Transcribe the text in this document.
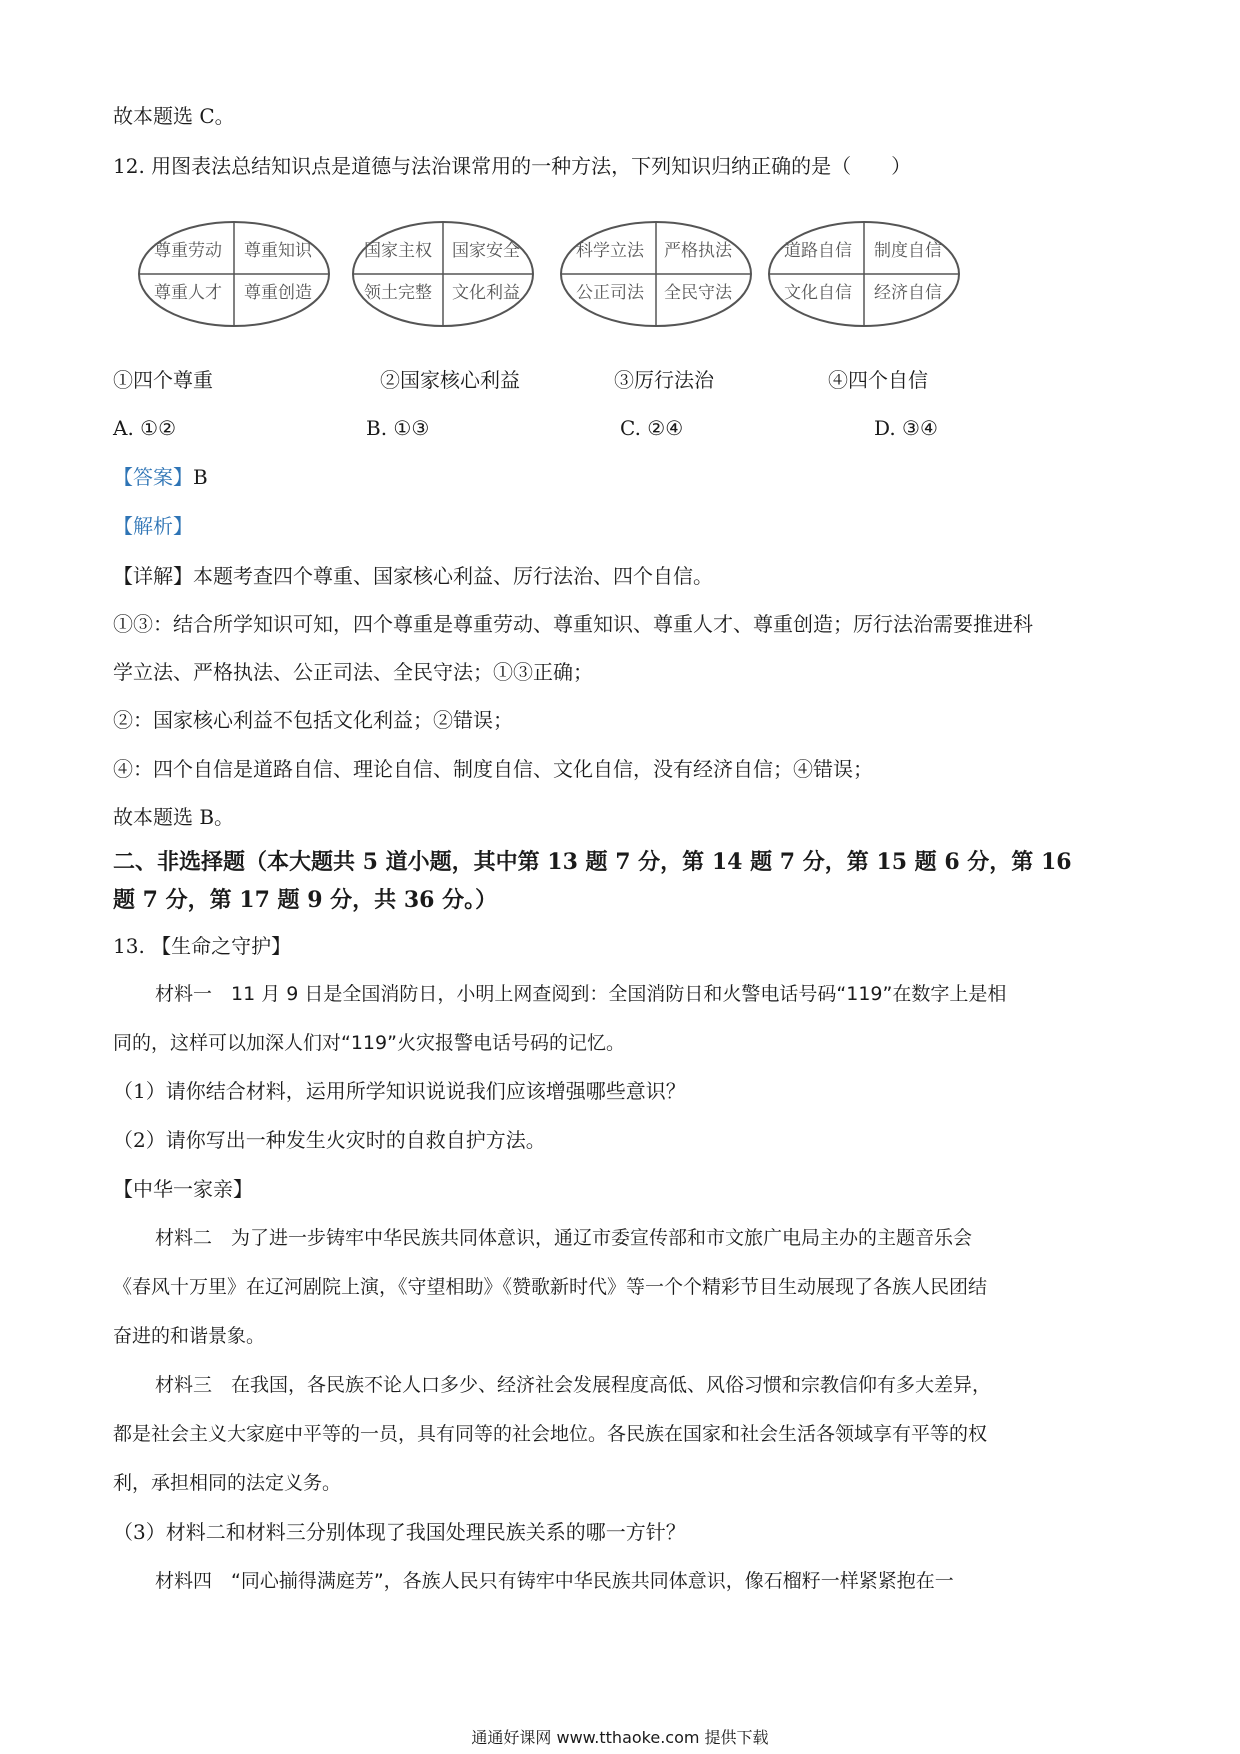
故本题选 C。
12. 用图表法总结知识点是道德与法治课常用的一种方法，下列知识归纳正确的是（　　）
尊重劳动 尊重知识
尊重人才 尊重创造
国家主权 国家安全
领土完整 文化利益
科学立法 严格执法
公正司法 全民守法
道路自信 制度自信
文化自信 经济自信
①四个尊重	②国家核心利益	③厉行法治	④四个自信
A. ①②	B. ①③	C. ②④	D. ③④
【答案】B
【解析】
【详解】本题考查四个尊重、国家核心利益、厉行法治、四个自信。
①③：结合所学知识可知，四个尊重是尊重劳动、尊重知识、尊重人才、尊重创造；厉行法治需要推进科
学立法、严格执法、公正司法、全民守法；①③正确；
②：国家核心利益不包括文化利益；②错误；
④：四个自信是道路自信、理论自信、制度自信、文化自信，没有经济自信；④错误；
故本题选 B。
二、非选择题（本大题共 5 道小题，其中第 13 题 7 分，第 14 题 7 分，第 15 题 6 分，第 16
题 7 分，第 17 题 9 分，共 36 分。）
13. 【生命之守护】
材料一　11 月 9 日是全国消防日，小明上网查阅到：全国消防日和火警电话号码“119”在数字上是相
同的，这样可以加深人们对“119”火灾报警电话号码的记忆。
（1）请你结合材料，运用所学知识说说我们应该增强哪些意识？
（2）请你写出一种发生火灾时的自救自护方法。
【中华一家亲】
材料二　为了进一步铸牢中华民族共同体意识，通辽市委宣传部和市文旅广电局主办的主题音乐会
《春风十万里》在辽河剧院上演，《守望相助》《赞歌新时代》等一个个精彩节目生动展现了各族人民团结
奋进的和谐景象。
材料三　在我国，各民族不论人口多少、经济社会发展程度高低、风俗习惯和宗教信仰有多大差异，
都是社会主义大家庭中平等的一员，具有同等的社会地位。各民族在国家和社会生活各领域享有平等的权
利，承担相同的法定义务。
（3）材料二和材料三分别体现了我国处理民族关系的哪一方针？
材料四　“同心揃得满庭芳”，各族人民只有铸牢中华民族共同体意识，像石榴籽一样紧紧抱在一
通通好课网 www.tthaoke.com 提供下载
